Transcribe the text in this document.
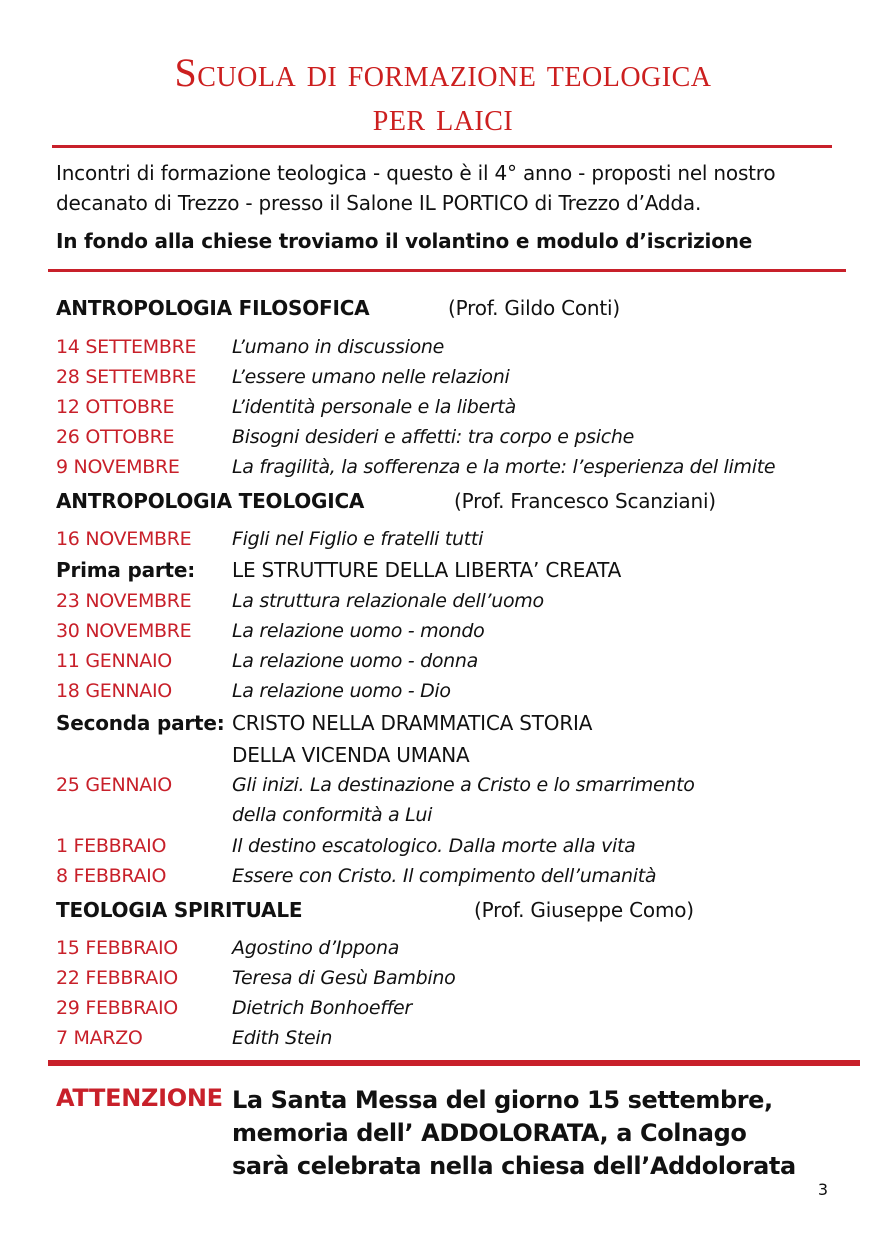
Scuola di formazione teologica
per laici
Incontri di formazione teologica - questo è il 4° anno - proposti nel nostro decanato di Trezzo - presso il Salone IL PORTICO di Trezzo d’Adda.
In fondo alla chiese troviamo il volantino e modulo d’iscrizione
ANTROPOLOGIA FILOSOFICA	(Prof. Gildo Conti)
14 SETTEMBRE L’umano in discussione
28 SETTEMBRE L’essere umano nelle relazioni
12 OTTOBRE	L’identità personale e la libertà
26 OTTOBRE	Bisogni desideri e affetti: tra corpo e psiche
9 NOVEMBRE	La fragilità, la sofferenza e la morte: l’esperienza del limite
ANTROPOLOGIA TEOLOGICA	(Prof. Francesco Scanziani)
16 NOVEMBRE Figli nel Figlio e fratelli tutti
Prima parte: LE STRUTTURE DELLA LIBERTA’ CREATA
23 NOVEMBRE La struttura relazionale dell’uomo
30 NOVEMBRE La relazione uomo - mondo
11 GENNAIO	La relazione uomo - donna
18 GENNAIO	La relazione uomo - Dio
Seconda parte: CRISTO NELLA DRAMMATICA STORIA
DELLA VICENDA UMANA
25 GENNAIO	Gli inizi. La destinazione a Cristo e lo smarrimento
della conformità a Lui
1 FEBBRAIO	Il destino escatologico. Dalla morte alla vita
8 FEBBRAIO	Essere con Cristo. Il compimento dell’umanità
TEOLOGIA SPIRITUALE	(Prof. Giuseppe Como)
15 FEBBRAIO	Agostino d’Ippona
22 FEBBRAIO	Teresa di Gesù Bambino
29 FEBBRAIO	Dietrich Bonhoeffer
7 MARZO	Edith Stein
ATTENZIONE La Santa Messa del giorno 15 settembre,
memoria dell’ ADDOLORATA, a Colnago
sarà celebrata nella chiesa dell’Addolorata
3
